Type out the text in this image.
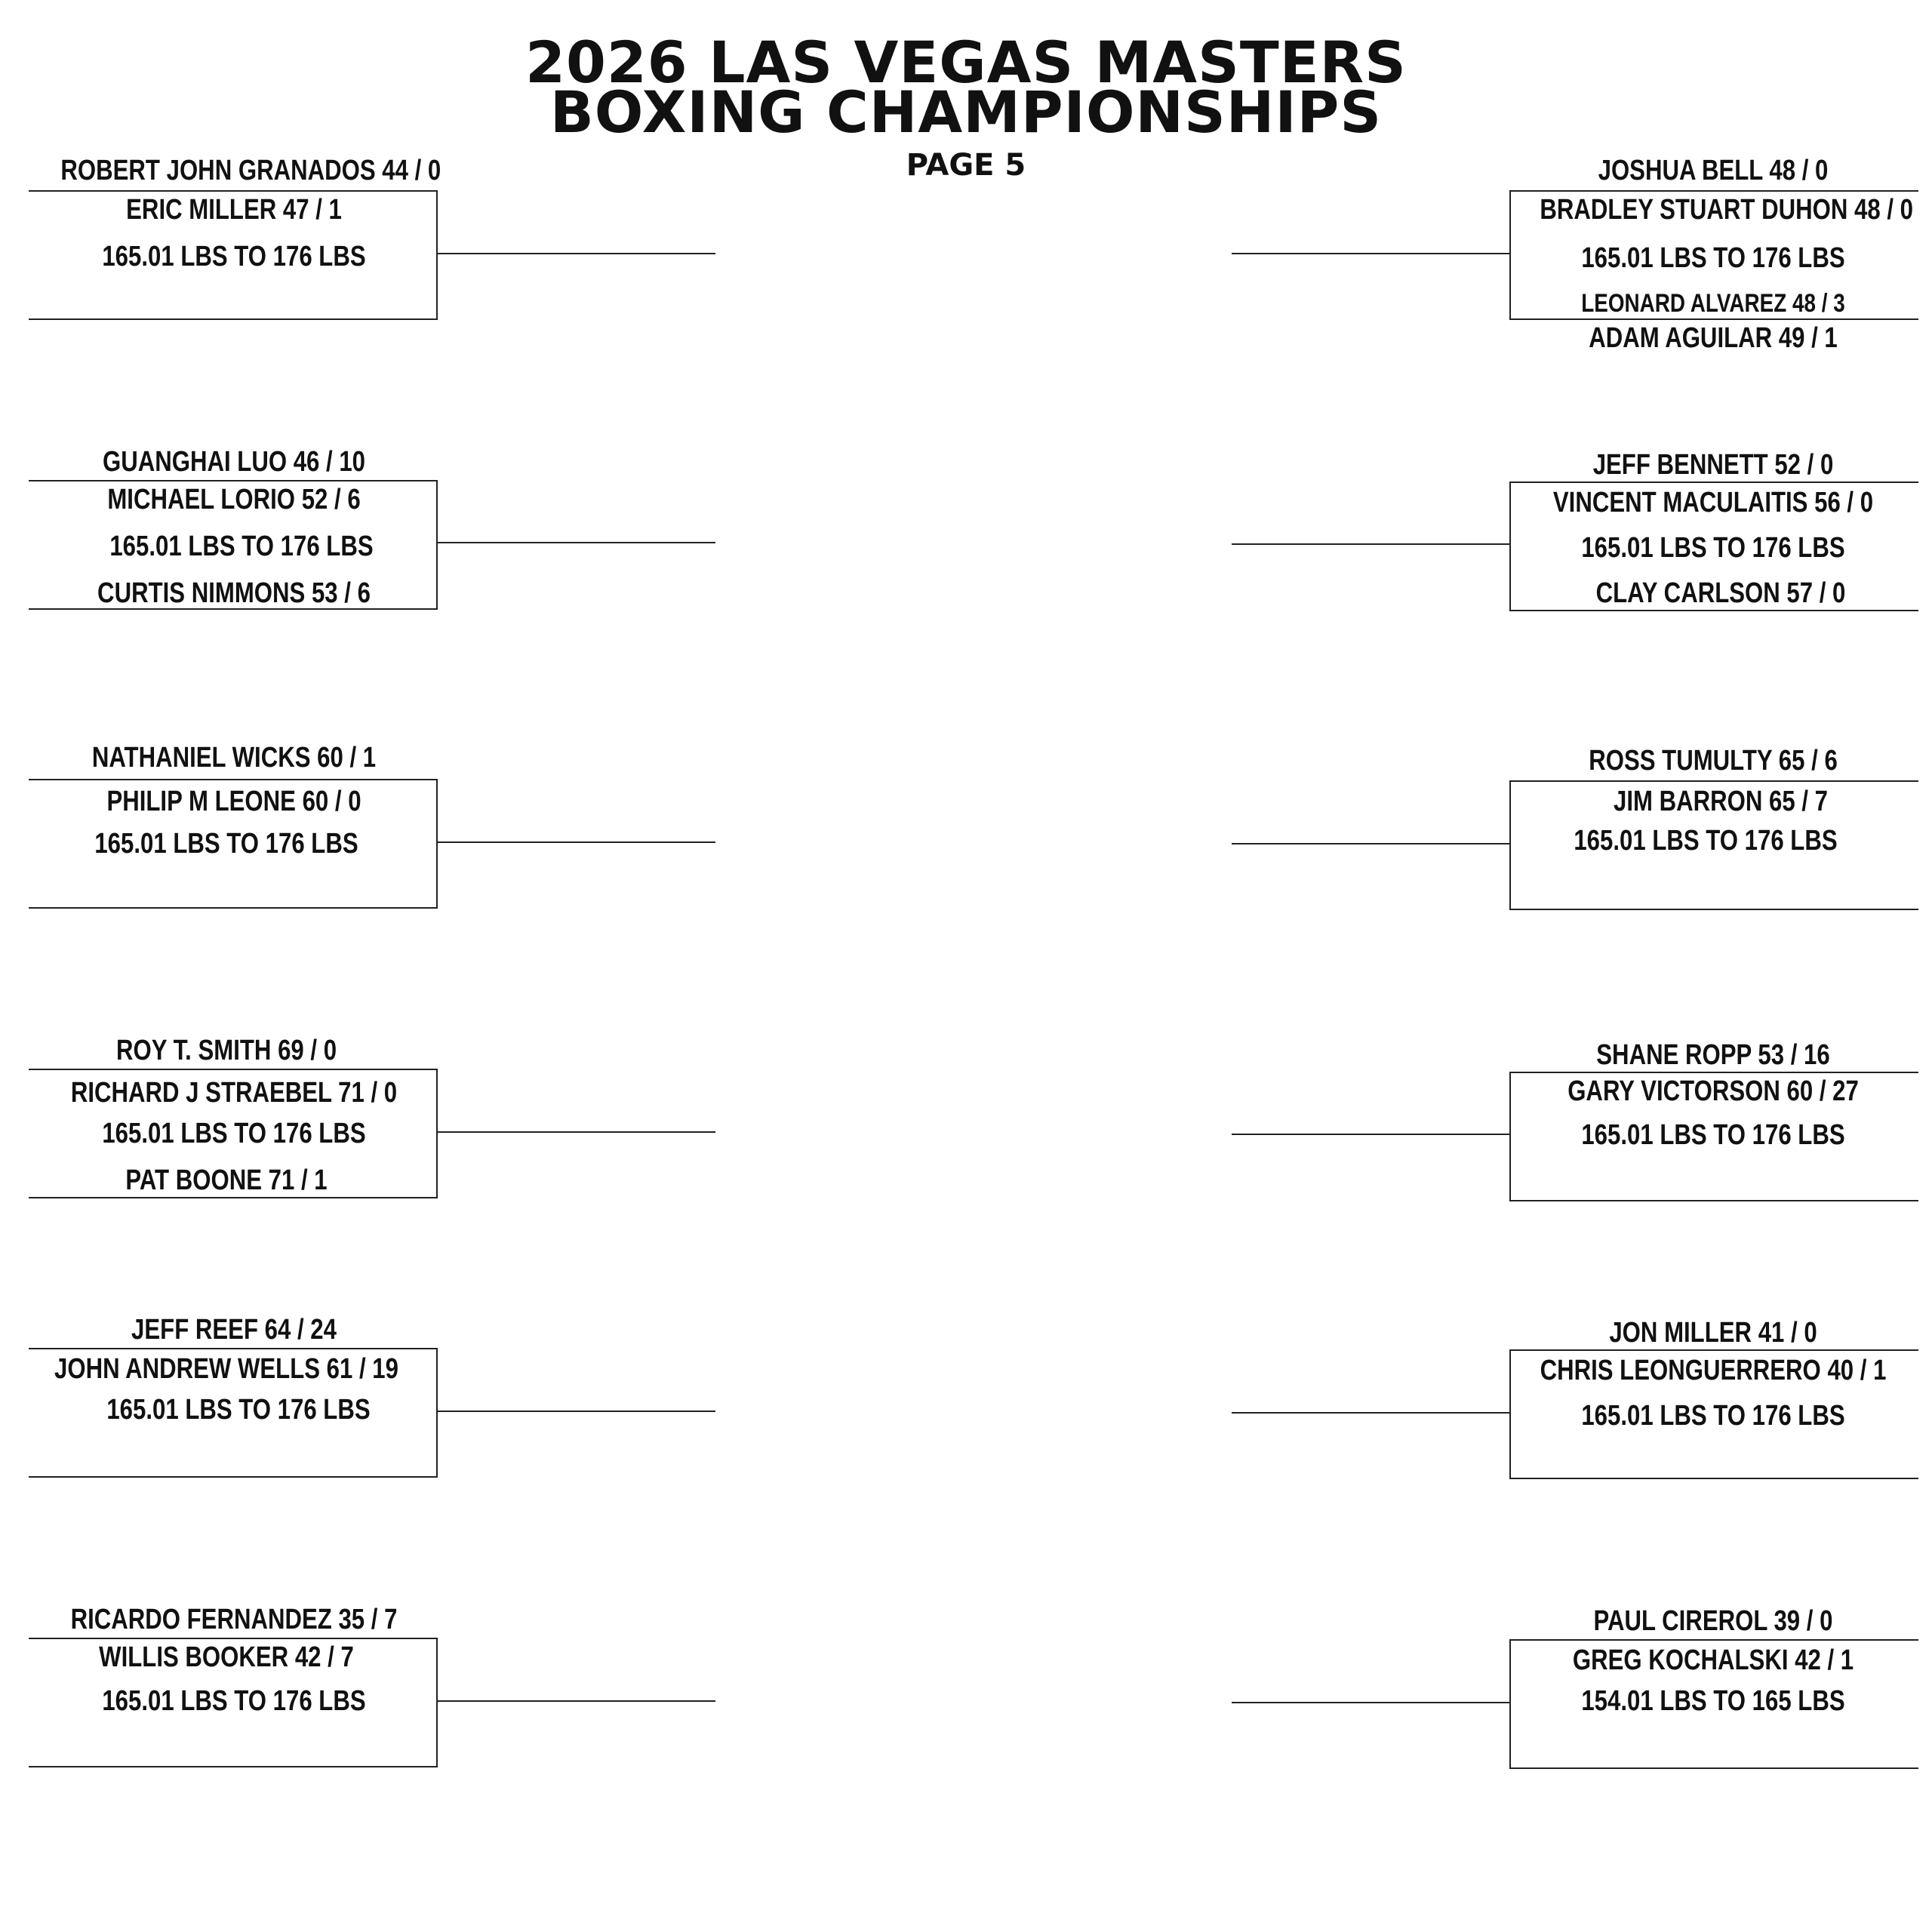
2026 LAS VEGAS MASTERS
BOXING CHAMPIONSHIPS
PAGE 5
ROBERT JOHN GRANADOS 44 / 0
ERIC MILLER 47 / 1
165.01 LBS TO 176 LBS
GUANGHAI LUO 46 / 10
MICHAEL LORIO 52 / 6
165.01 LBS TO 176 LBS
CURTIS NIMMONS 53 / 6
NATHANIEL WICKS 60 / 1
PHILIP M LEONE 60 / 0
165.01 LBS TO 176 LBS
ROY T. SMITH 69 / 0
RICHARD J STRAEBEL 71 / 0
165.01 LBS TO 176 LBS
PAT BOONE 71 / 1
JEFF REEF 64 / 24
JOHN ANDREW WELLS 61 / 19
165.01 LBS TO 176 LBS
RICARDO FERNANDEZ 35 / 7
WILLIS BOOKER 42 / 7
165.01 LBS TO 176 LBS
JOSHUA BELL 48 / 0
BRADLEY STUART DUHON 48 / 0
165.01 LBS TO 176 LBS
LEONARD ALVAREZ 48 / 3
ADAM AGUILAR 49 / 1
JEFF BENNETT 52 / 0
VINCENT MACULAITIS 56 / 0
165.01 LBS TO 176 LBS
CLAY CARLSON 57 / 0
ROSS TUMULTY 65 / 6
JIM BARRON 65 / 7
165.01 LBS TO 176 LBS
SHANE ROPP 53 / 16
GARY VICTORSON 60 / 27
165.01 LBS TO 176 LBS
JON MILLER 41 / 0
CHRIS LEONGUERRERO 40 / 1
165.01 LBS TO 176 LBS
PAUL CIREROL 39 / 0
GREG KOCHALSKI 42 / 1
154.01 LBS TO 165 LBS
